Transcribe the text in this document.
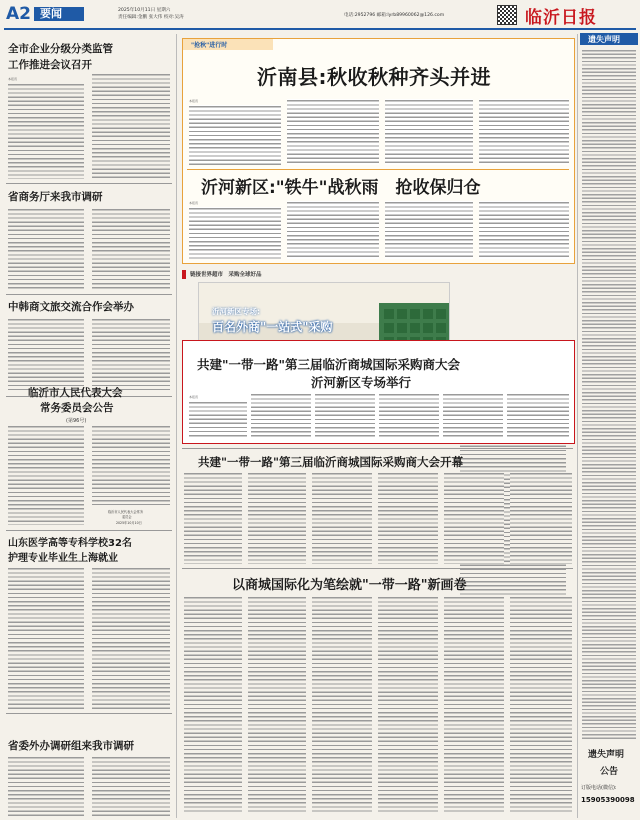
A2 要闻	2025年10月11日 星期六
责任编辑:金鹏 张大伟 校对:吴涛	电话:2952796 邮箱:lyrb89960062@126.com	临沂日报
全市企业分级分类监管
工作推进会议召开
本报讯
省商务厅来我市调研
中韩商文旅交流合作会举办
临沂市人民代表大会
常务委员会公告
(第96号)
临沂市人民代表大会常务
委员会
2025年10月10日
山东医学高等专科学校32名
护理专业毕业生上海就业
省委外办调研组来我市调研
"抢秋"进行时
沂南县:秋收秋种齐头并进
本报讯
沂河新区:"铁牛"战秋雨　抢收保归仓
本报讯
链接世界超市　采购全球好品
沂河新区专场:
百名外商"一站式"采购
共建"一带一路"第三届临沂商城国际采购商大会
沂河新区专场举行
本报讯
共建"一带一路"第三届临沂商城国际采购商大会开幕
以商城国际化为笔绘就"一带一路"新画卷
遗失声明
遗失声明
公告
订版电话(微信):
15905390098
